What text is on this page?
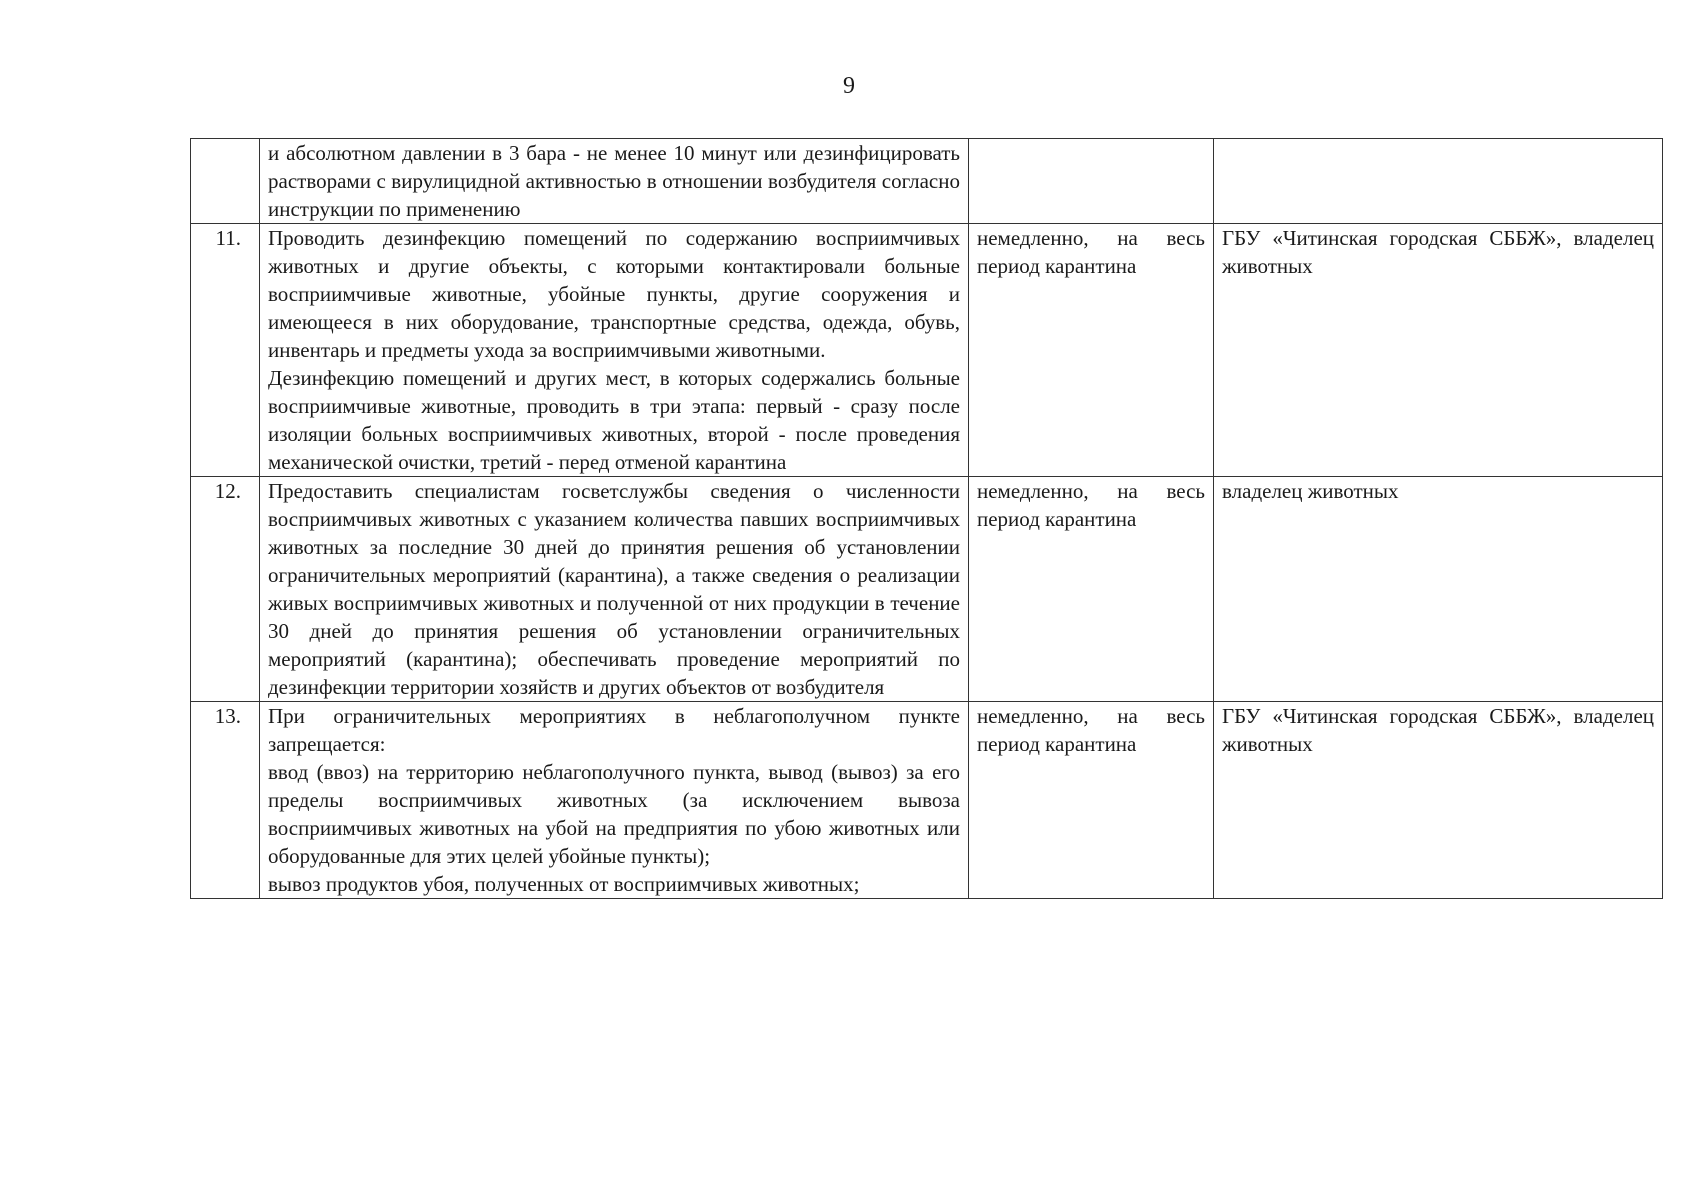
9

	и абсолютном давлении в 3 бара - не менее 10 минут или дезинфицировать растворами с вирулицидной активностью в отношении возбудителя согласно инструкции по применению		

11.	Проводить дезинфекцию помещений по содержанию восприимчивых животных и другие объекты, с которыми контактировали больные восприимчивые животные, убойные пункты, другие сооружения и имеющееся в них оборудование, транспортные средства, одежда, обувь, инвентарь и предметы ухода за восприимчивыми животными.

Дезинфекцию помещений и других мест, в которых содержались больные восприимчивые животные, проводить в три этапа: первый - сразу после изоляции больных восприимчивых животных, второй - после проведения механической очистки, третий - перед отменой карантина	немедленно, на весь период карантина	ГБУ «Читинская городская СББЖ», владелец животных

12.	Предоставить специалистам госветслужбы сведения о численности восприимчивых животных с указанием количества павших восприимчивых животных за последние 30 дней до принятия решения об установлении ограничительных мероприятий (карантина), а также сведения о реализации живых восприимчивых животных и полученной от них продукции в течение 30 дней до принятия решения об установлении ограничительных мероприятий (карантина); обеспечивать проведение мероприятий по дезинфекции территории хозяйств и других объектов от возбудителя	немедленно, на весь период карантина	владелец животных

13.	При ограничительных мероприятиях в неблагополучном пункте запрещается:

ввод (ввоз) на территорию неблагополучного пункта, вывод (вывоз) за его пределы восприимчивых животных (за исключением вывоза восприимчивых животных на убой на предприятия по убою животных или оборудованные для этих целей убойные пункты);

вывоз продуктов убоя, полученных от восприимчивых животных;	немедленно, на весь период карантина	ГБУ «Читинская городская СББЖ», владелец животных
